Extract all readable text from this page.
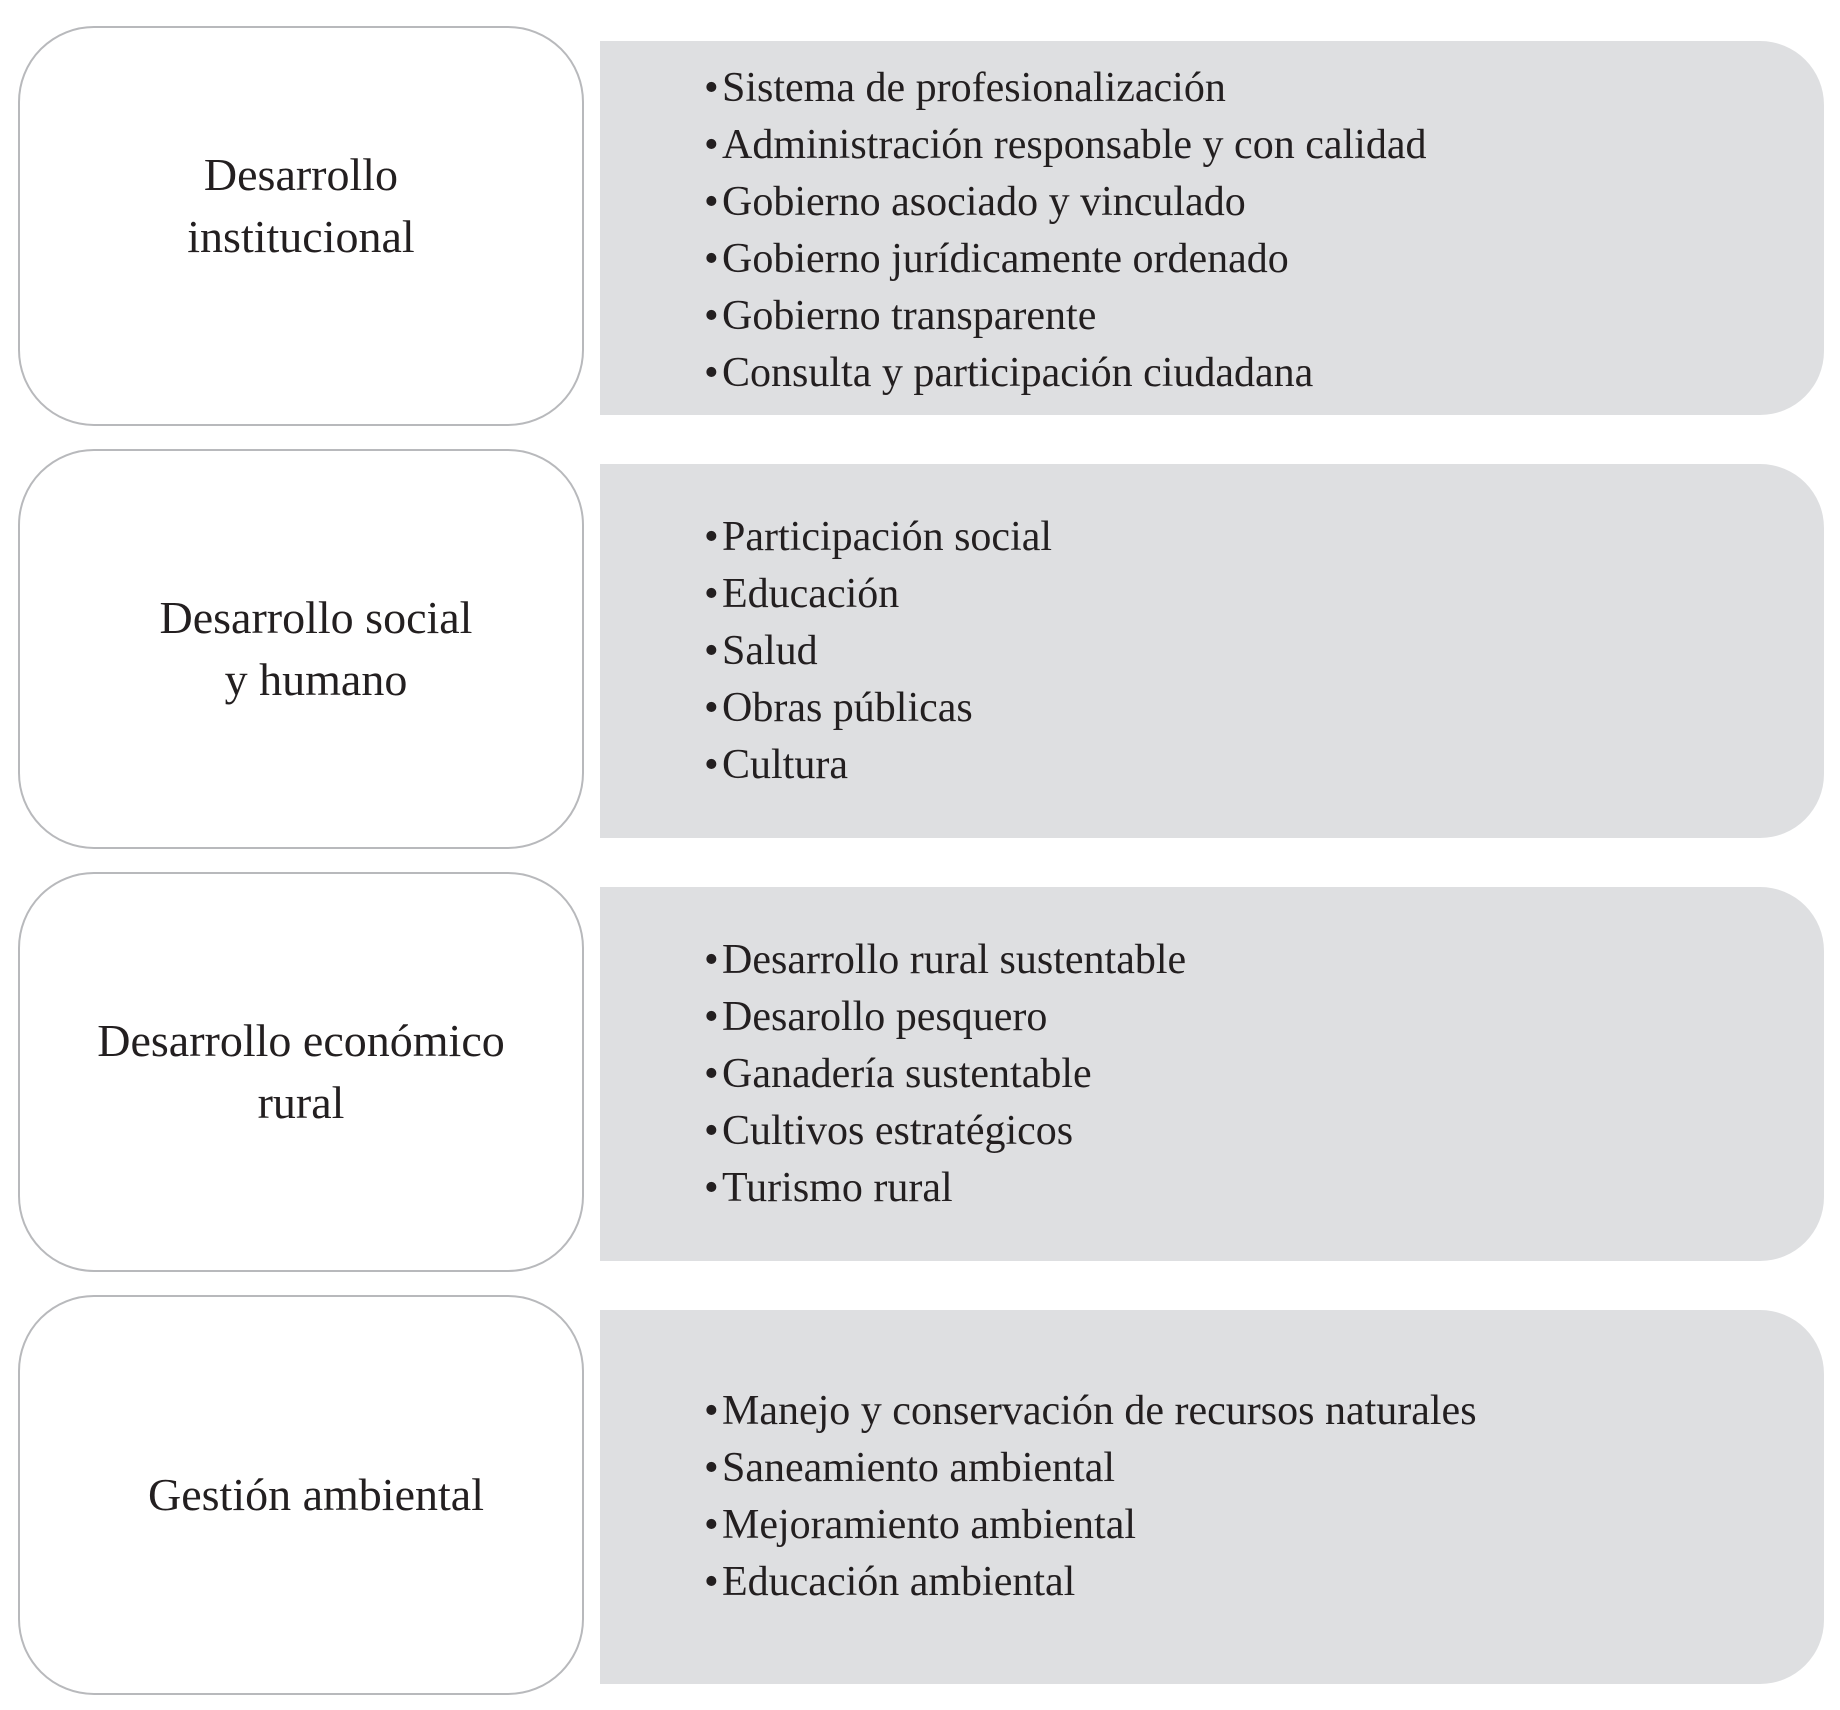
Desarrollo
institucional

• Sistema de profesionalización
• Administración responsable y con calidad
• Gobierno asociado y vinculado
• Gobierno jurídicamente ordenado
• Gobierno transparente
• Consulta y participación ciudadana

Desarrollo social
y humano

• Participación social
• Educación
• Salud
• Obras públicas
• Cultura

Desarrollo económico
rural

• Desarrollo rural sustentable
• Desarollo pesquero
• Ganadería sustentable
• Cultivos estratégicos
• Turismo rural

Gestión ambiental

• Manejo y conservación de recursos naturales
• Saneamiento ambiental
• Mejoramiento ambiental
• Educación ambiental
